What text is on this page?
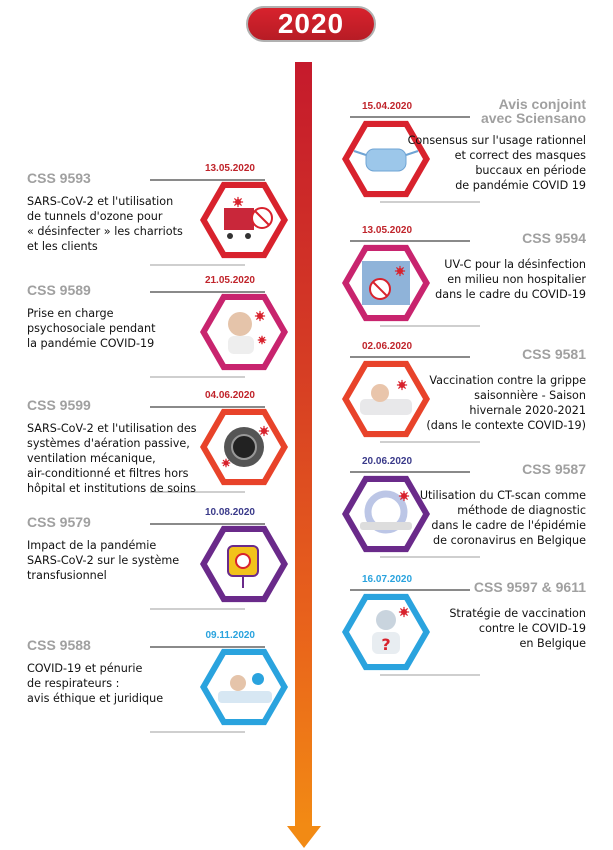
2020
CSS 9593
13.05.2020
SARS-CoV-2 et l'utilisation
de tunnels d'ozone pour
« désinfecter » les charriots
et les clients
CSS 9589
21.05.2020
Prise en charge
psychosociale pendant
la pandémie COVID-19
CSS 9599
04.06.2020
SARS-CoV-2 et l'utilisation des
systèmes d'aération passive,
ventilation mécanique,
air-conditionné et filtres hors
hôpital et institutions de soins
CSS 9579
10.08.2020
Impact de la pandémie
SARS-CoV-2 sur le système
transfusionnel
CSS 9588
09.11.2020
COVID-19 et pénurie
de respirateurs :
avis éthique et juridique
Avis conjoint
avec Sciensano
15.04.2020
Consensus sur l'usage rationnel
et correct des masques
buccaux en période
de pandémie COVID 19
CSS 9594
13.05.2020
UV-C pour la désinfection
en milieu non hospitalier
dans le cadre du COVID-19
CSS 9581
02.06.2020
Vaccination contre la grippe
saisonnière - Saison
hivernale 2020-2021
(dans le contexte COVID-19)
CSS 9587
20.06.2020
Utilisation du CT-scan comme
méthode de diagnostic
dans le cadre de l'épidémie
de coronavirus en Belgique
?
CSS 9597 & 9611
16.07.2020
Stratégie de vaccination
contre le COVID-19
en Belgique
